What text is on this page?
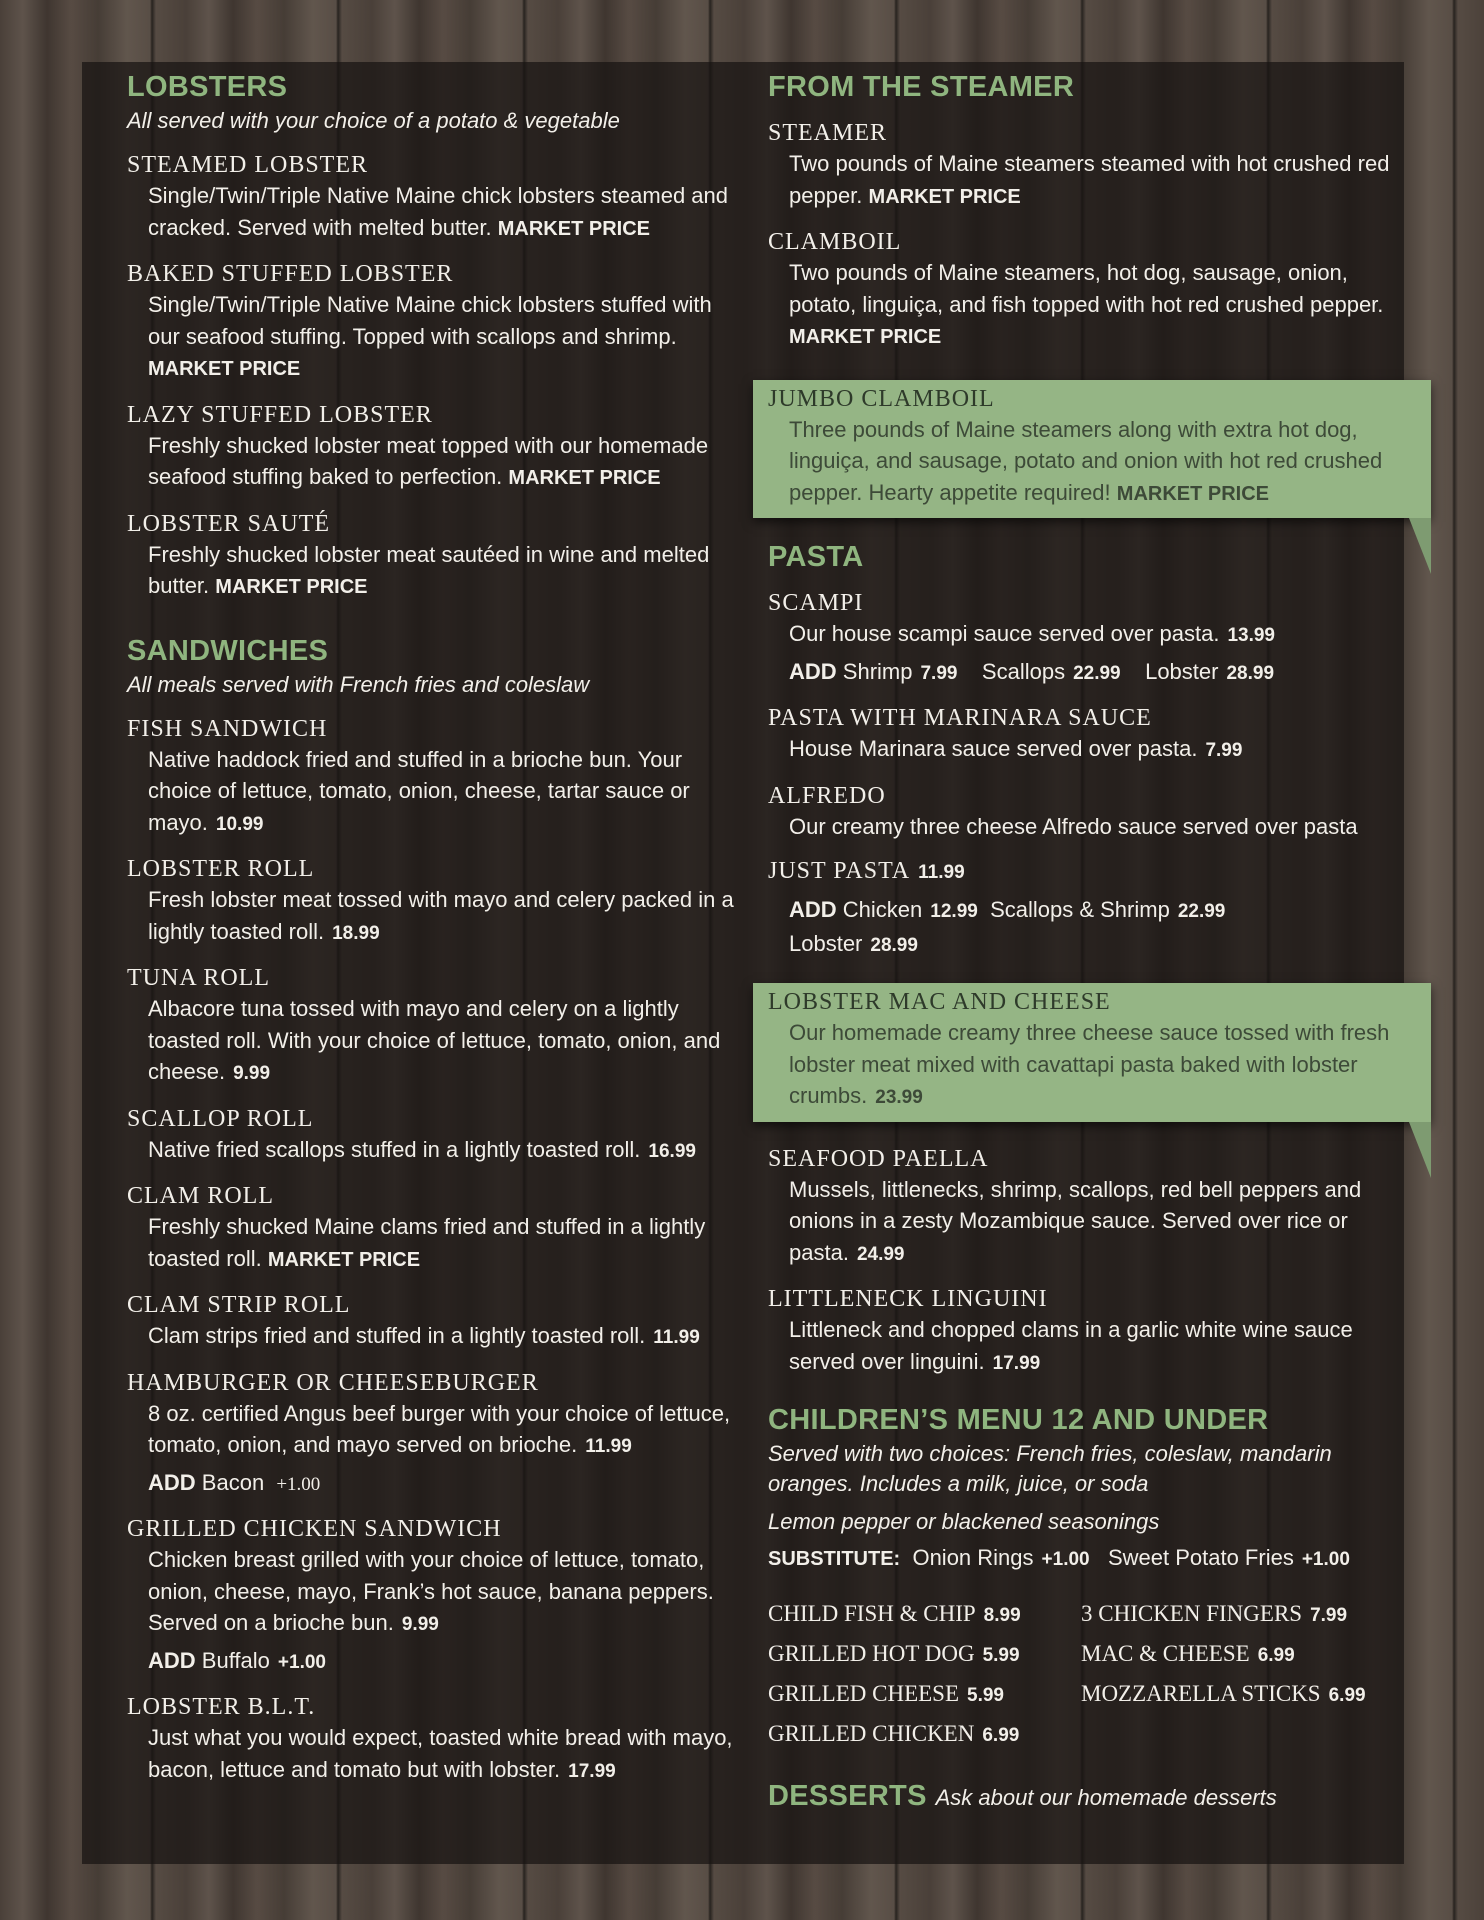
LOBSTERS
All served with your choice of a potato & vegetable
STEAMED LOBSTER
Single/Twin/Triple Native Maine chick lobsters steamed and cracked. Served with melted butter. MARKET PRICE
BAKED STUFFED LOBSTER
Single/Twin/Triple Native Maine chick lobsters stuffed with our seafood stuffing. Topped with scallops and shrimp. MARKET PRICE
LAZY STUFFED LOBSTER
Freshly shucked lobster meat topped with our homemade seafood stuffing baked to perfection. MARKET PRICE
LOBSTER SAUTÉ
Freshly shucked lobster meat sautéed in wine and melted butter. MARKET PRICE
SANDWICHES
All meals served with French fries and coleslaw
FISH SANDWICH
Native haddock fried and stuffed in a brioche bun. Your choice of lettuce, tomato, onion, cheese, tartar sauce or mayo. 10.99
LOBSTER ROLL
Fresh lobster meat tossed with mayo and celery packed in a lightly toasted roll. 18.99
TUNA ROLL
Albacore tuna tossed with mayo and celery on a lightly toasted roll. With your choice of lettuce, tomato, onion, and cheese. 9.99
SCALLOP ROLL
Native fried scallops stuffed in a lightly toasted roll. 16.99
CLAM ROLL
Freshly shucked Maine clams fried and stuffed in a lightly toasted roll. MARKET PRICE
CLAM STRIP ROLL
Clam strips fried and stuffed in a lightly toasted roll. 11.99
HAMBURGER OR CHEESEBURGER
8 oz. certified Angus beef burger with your choice of lettuce, tomato, onion, and mayo served on brioche. 11.99
ADD Bacon +1.00
GRILLED CHICKEN SANDWICH
Chicken breast grilled with your choice of lettuce, tomato, onion, cheese, mayo, Frank’s hot sauce, banana peppers. Served on a brioche bun. 9.99
ADD Buffalo +1.00
LOBSTER B.L.T.
Just what you would expect, toasted white bread with mayo, bacon, lettuce and tomato but with lobster. 17.99
FROM THE STEAMER
STEAMER
Two pounds of Maine steamers steamed with hot crushed red pepper. MARKET PRICE
CLAMBOIL
Two pounds of Maine steamers, hot dog, sausage, onion, potato, linguiça, and fish topped with hot red crushed pepper. MARKET PRICE
JUMBO CLAMBOIL
Three pounds of Maine steamers along with extra hot dog, linguiça, and sausage, potato and onion with hot red crushed pepper. Hearty appetite required! MARKET PRICE
PASTA
SCAMPI
Our house scampi sauce served over pasta. 13.99
ADD Shrimp 7.99 Scallops 22.99 Lobster 28.99
PASTA WITH MARINARA SAUCE
House Marinara sauce served over pasta. 7.99
ALFREDO
Our creamy three cheese Alfredo sauce served over pasta
JUST PASTA 11.99
ADD Chicken 12.99 Scallops & Shrimp 22.99
Lobster 28.99
LOBSTER MAC AND CHEESE
Our homemade creamy three cheese sauce tossed with fresh lobster meat mixed with cavattapi pasta baked with lobster crumbs. 23.99
SEAFOOD PAELLA
Mussels, littlenecks, shrimp, scallops, red bell peppers and onions in a zesty Mozambique sauce. Served over rice or pasta. 24.99
LITTLENECK LINGUINI
Littleneck and chopped clams in a garlic white wine sauce served over linguini. 17.99
CHILDREN’S MENU 12 AND UNDER
Served with two choices: French fries, coleslaw, mandarin oranges. Includes a milk, juice, or soda
Lemon pepper or blackened seasonings
SUBSTITUTE: Onion Rings +1.00 Sweet Potato Fries +1.00
CHILD FISH & CHIP 8.99	3 CHICKEN FINGERS 7.99
GRILLED HOT DOG 5.99	MAC & CHEESE 6.99
GRILLED CHEESE 5.99	MOZZARELLA STICKS 6.99
GRILLED CHICKEN 6.99
DESSERTS Ask about our homemade desserts
